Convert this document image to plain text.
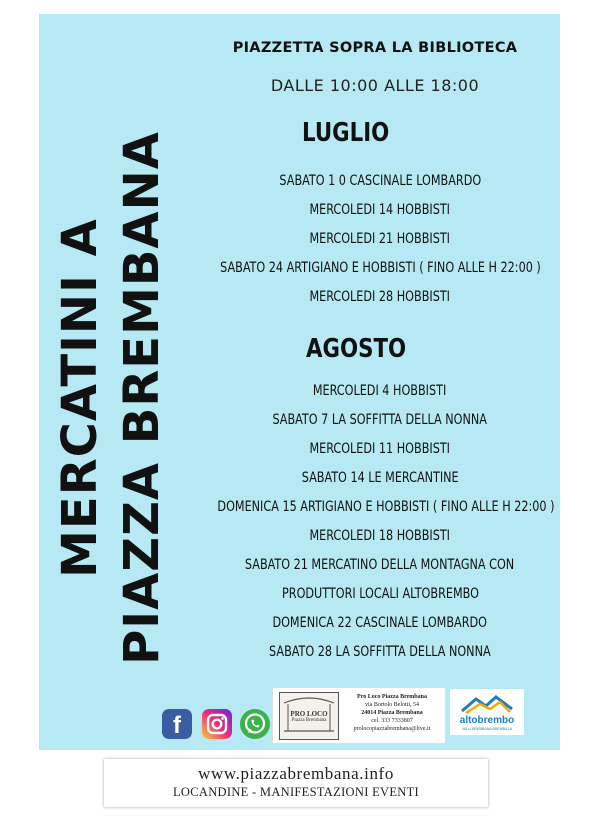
MERCATINI A PIAZZA BREMBANA
PIAZZETTA SOPRA LA BIBLIOTECA
DALLE 10:00 ALLE 18:00
LUGLIO
SABATO 1 0 CASCINALE LOMBARDO
MERCOLEDI 14 HOBBISTI
MERCOLEDI 21 HOBBISTI
SABATO 24 ARTIGIANO E HOBBISTI ( FINO ALLE H 22:00 )
MERCOLEDI 28 HOBBISTI
AGOSTO
MERCOLEDI 4 HOBBISTI
SABATO 7 LA SOFFITTA DELLA NONNA
MERCOLEDI 11 HOBBISTI
SABATO 14 LE MERCANTINE
DOMENICA 15 ARTIGIANO E HOBBISTI ( FINO ALLE H 22:00 )
MERCOLEDI 18 HOBBISTI
SABATO 21 MERCATINO DELLA MONTAGNA CON
PRODUTTORI LOCALI ALTOBREMBO
DOMENICA 22 CASCINALE LOMBARDO
SABATO 28 LA SOFFITTA DELLA NONNA
f	PRO LOCO
Piazza Brembana
Pro Loco Piazza Brembana
via Bortolo Belotti, 54
24014 Piazza Brembana
cel. 333 7333807
prolocopiazzabrembana@live.it
altobrembo
VALLI BREMBANA BREMBILLA
www.piazzabrembana.info
LOCANDINE - MANIFESTAZIONI EVENTI
